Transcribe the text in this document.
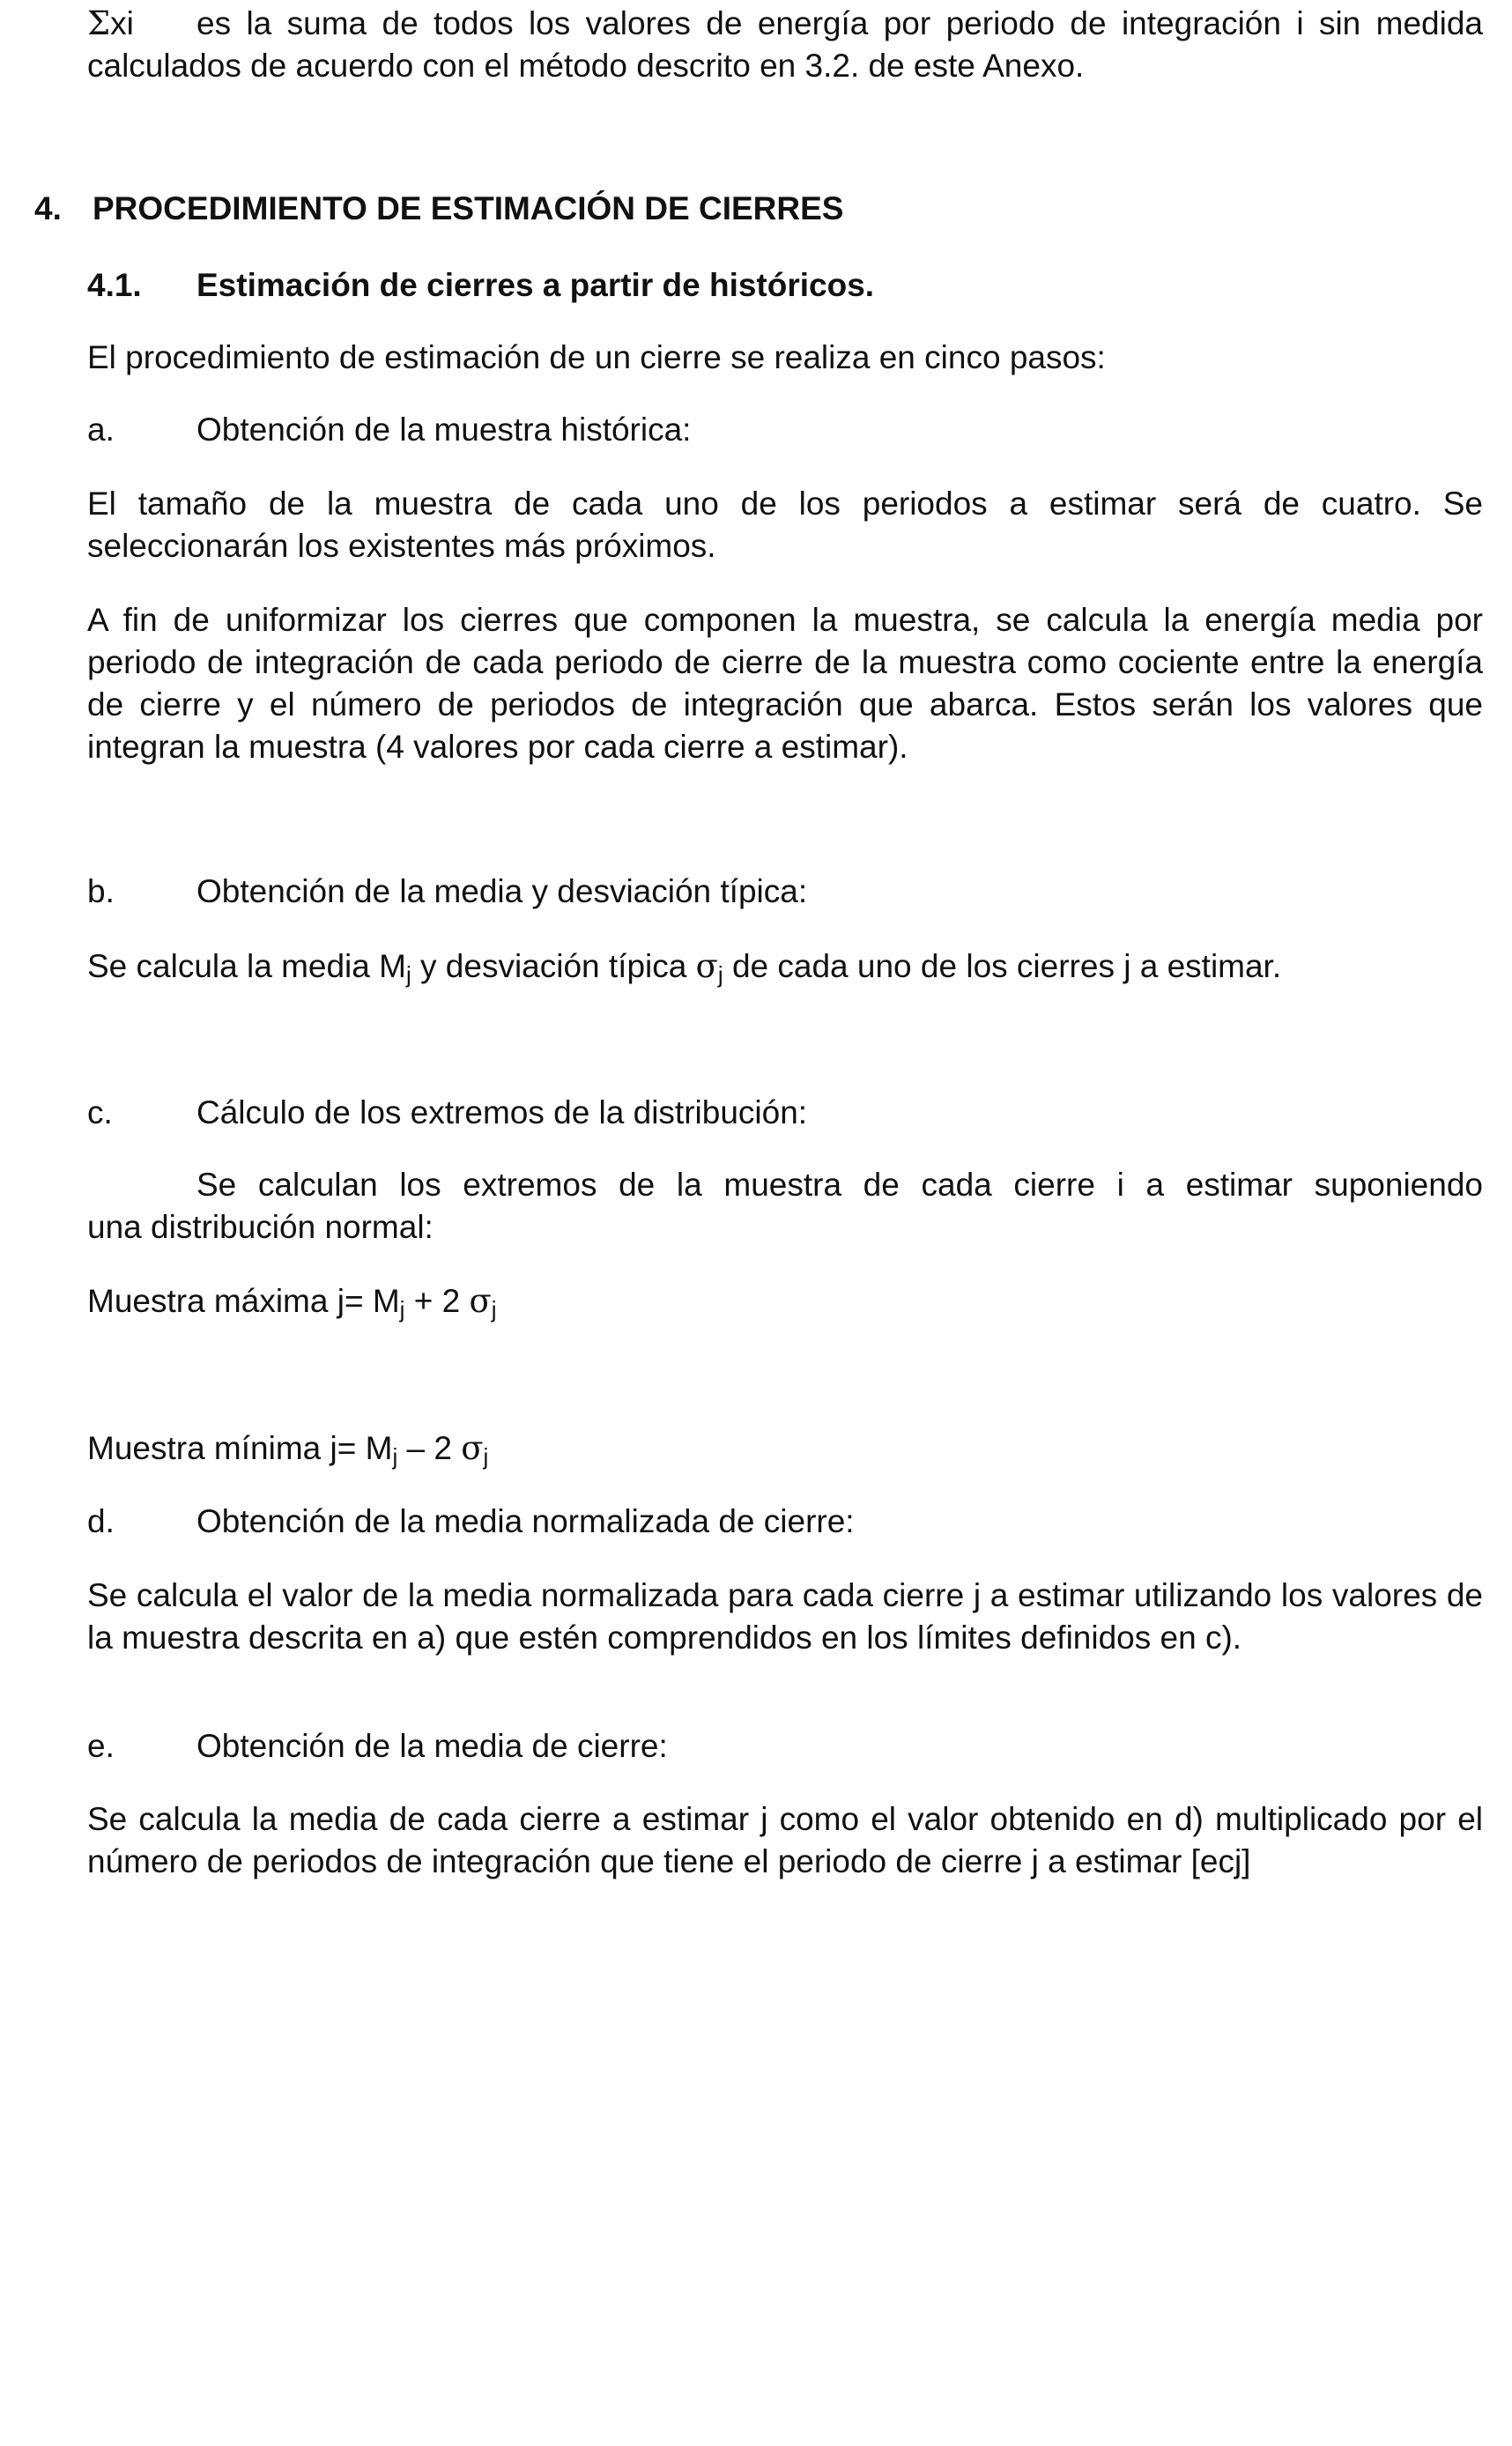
Σxi es la suma de todos los valores de energía por periodo de integración i sin medida calculados de acuerdo con el método descrito en 3.2. de este Anexo.
4. PROCEDIMIENTO DE ESTIMACIÓN DE CIERRES
4.1. Estimación de cierres a partir de históricos.
El procedimiento de estimación de un cierre se realiza en cinco pasos:
a.	Obtención de la muestra histórica:
El tamaño de la muestra de cada uno de los periodos a estimar será de cuatro. Se seleccionarán los existentes más próximos.
A fin de uniformizar los cierres que componen la muestra, se calcula la energía media por periodo de integración de cada periodo de cierre de la muestra como cociente entre la energía de cierre y el número de periodos de integración que abarca. Estos serán los valores que integran la muestra (4 valores por cada cierre a estimar).
b.	Obtención de la media y desviación típica:
Se calcula la media $M_j$ y desviación típica σj de cada uno de los cierres j a estimar.
c.	Cálculo de los extremos de la distribución:
Se calculan los extremos de la muestra de cada cierre i a estimar suponiendo
una distribución normal:
Muestra máxima $j= M_j + 2$ σj
Muestra mínima $j= M_j - 2$ σj
d.	Obtención de la media normalizada de cierre:
Se calcula el valor de la media normalizada para cada cierre j a estimar utilizando los valores de la muestra descrita en a) que estén comprendidos en los límites definidos en c).
e.	Obtención de la media de cierre:
Se calcula la media de cada cierre a estimar j como el valor obtenido en d) multiplicado por el número de periodos de integración que tiene el periodo de cierre j a estimar [ecj]
